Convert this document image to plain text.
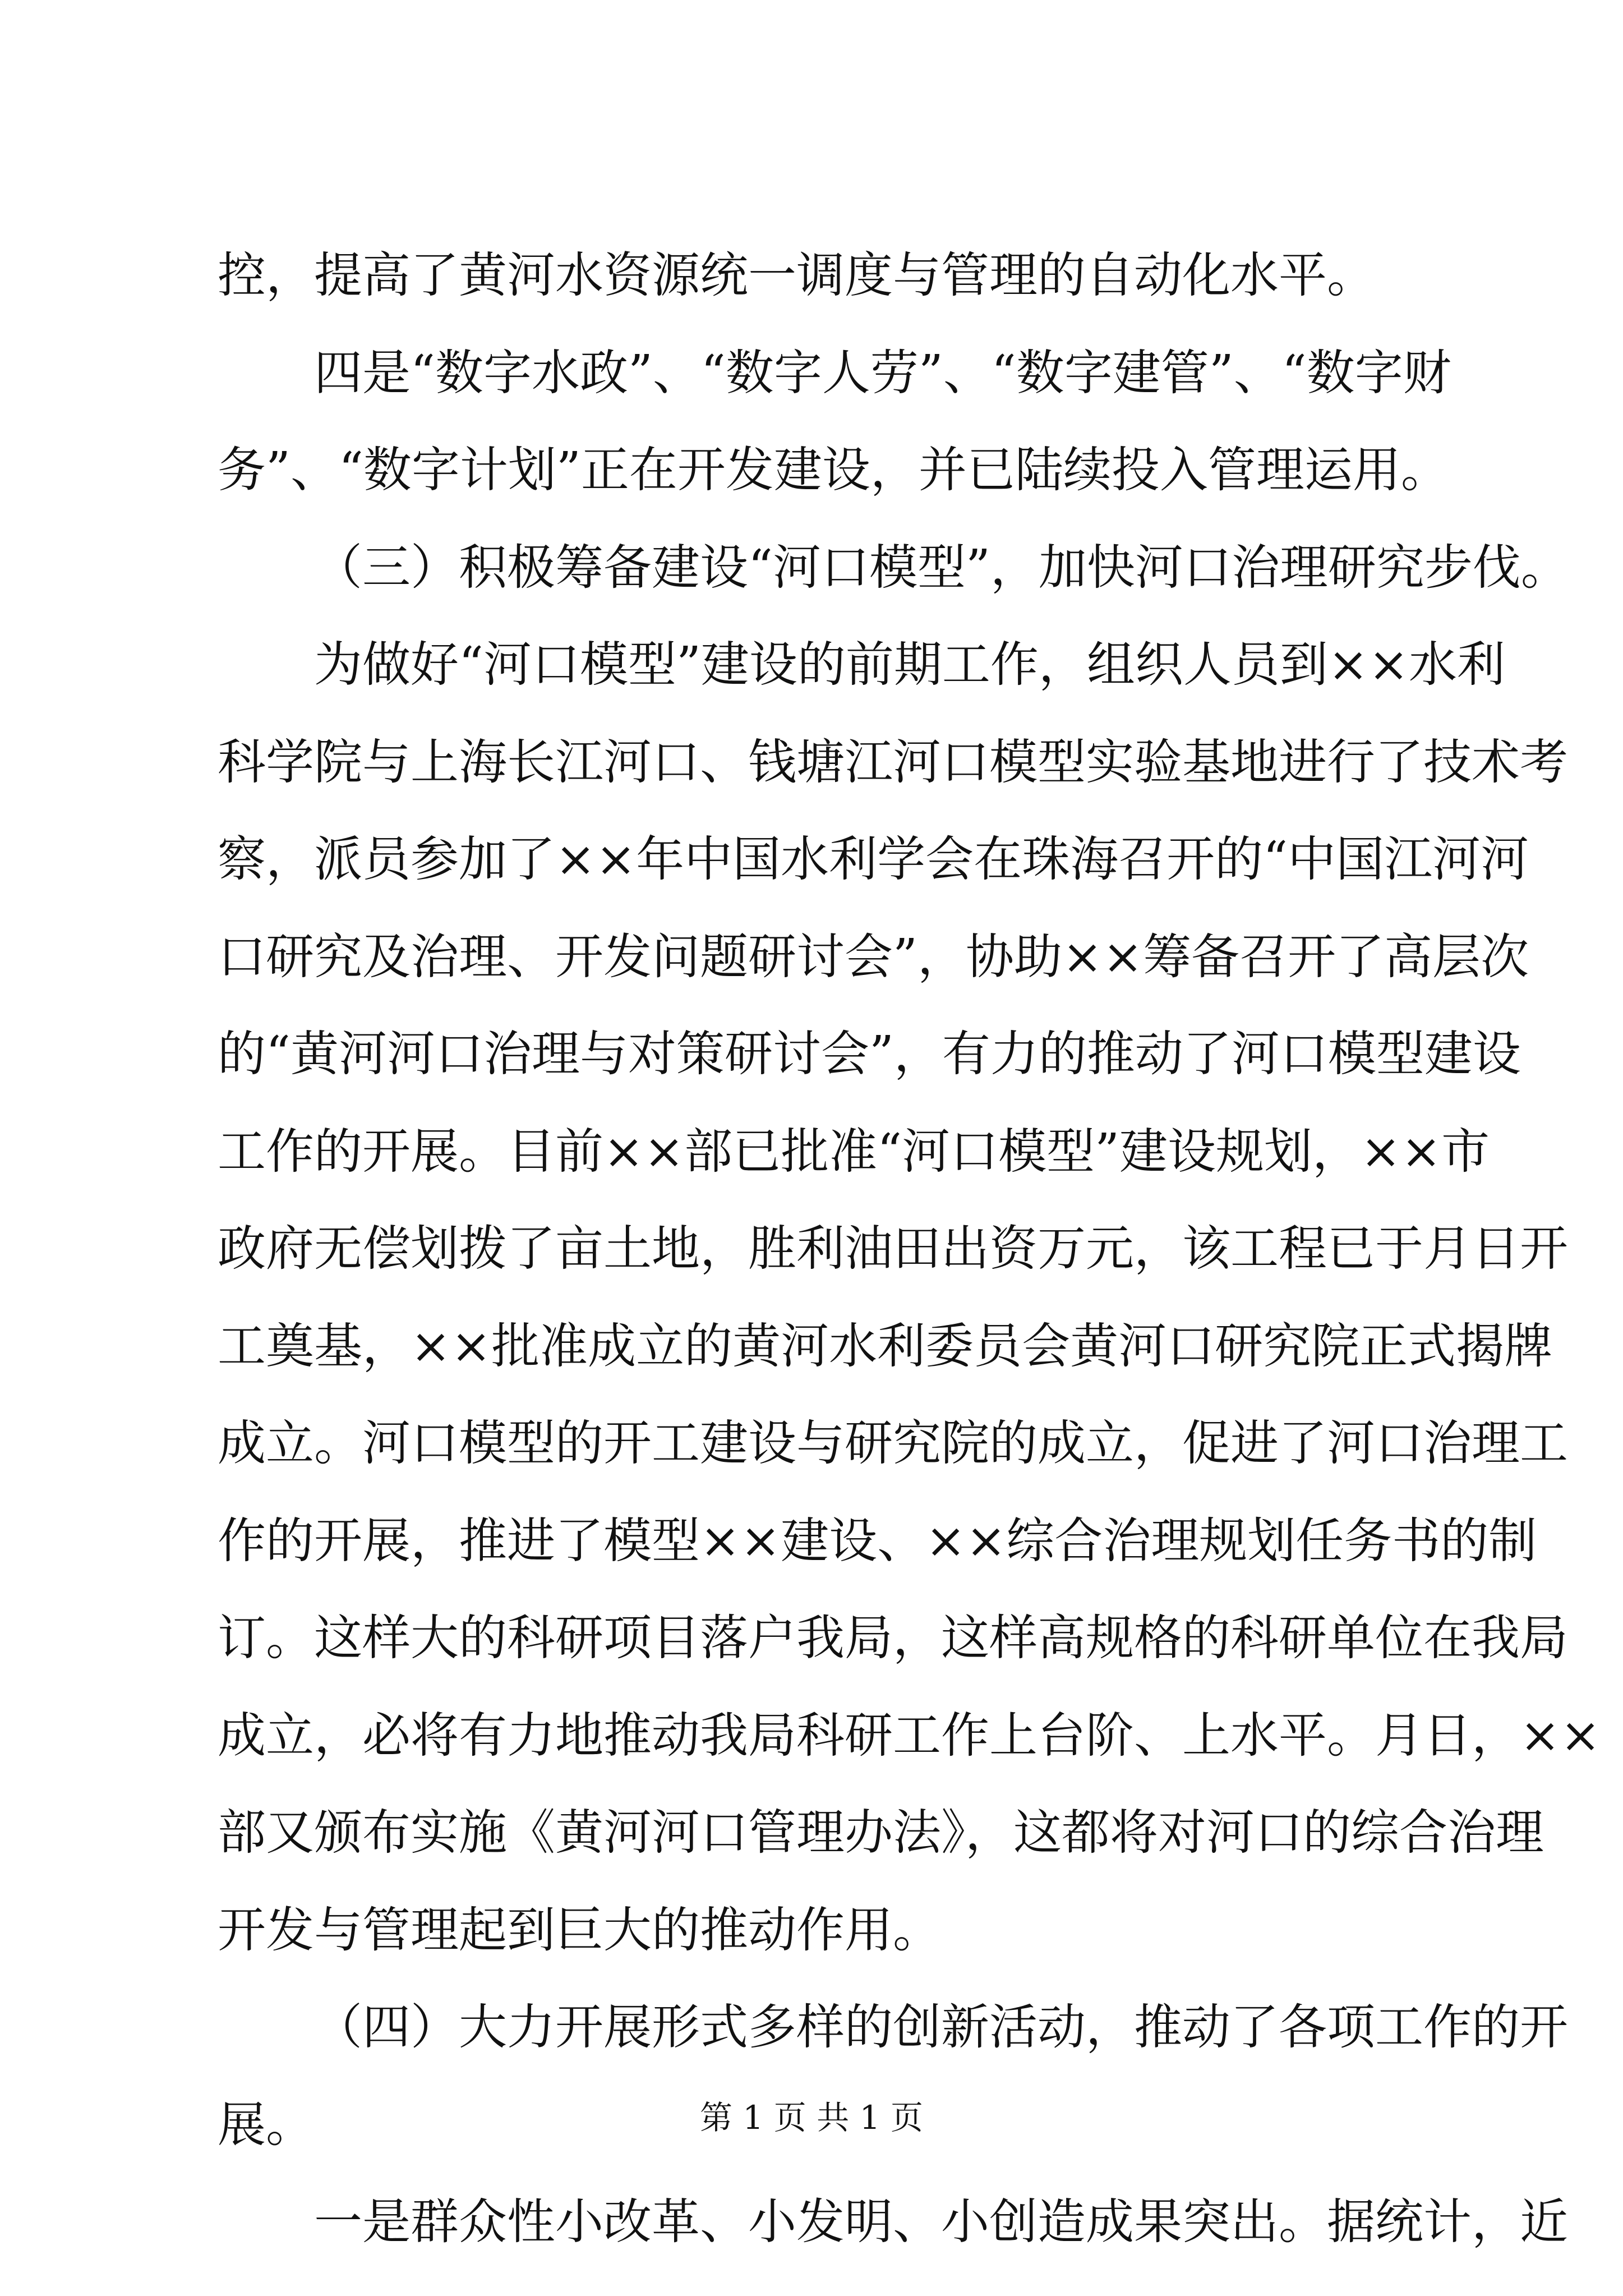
控，提高了黄河水资源统一调度与管理的自动化水平。
四是“数字水政”、“数字人劳”、“数字建管”、“数字财
务”、“数字计划”正在开发建设，并已陆续投入管理运用。
（三）积极筹备建设“河口模型”，加快河口治理研究步伐。
为做好“河口模型”建设的前期工作，组织人员到××水利
科学院与上海长江河口、钱塘江河口模型实验基地进行了技术考
察，派员参加了××年中国水利学会在珠海召开的“中国江河河
口研究及治理、开发问题研讨会”，协助××筹备召开了高层次
的“黄河河口治理与对策研讨会”，有力的推动了河口模型建设
工作的开展。目前××部已批准“河口模型”建设规划，××市
政府无偿划拨了亩土地，胜利油田出资万元，该工程已于月日开
工奠基，××批准成立的黄河水利委员会黄河口研究院正式揭牌
成立。河口模型的开工建设与研究院的成立，促进了河口治理工
作的开展，推进了模型××建设、××综合治理规划任务书的制
订。这样大的科研项目落户我局，这样高规格的科研单位在我局
成立，必将有力地推动我局科研工作上台阶、上水平。月日，××
部又颁布实施《黄河河口管理办法》，这都将对河口的综合治理
开发与管理起到巨大的推动作用。
（四）大力开展形式多样的创新活动，推动了各项工作的开
展。
一是群众性小改革、小发明、小创造成果突出。据统计，近
第 1 页 共 1 页
